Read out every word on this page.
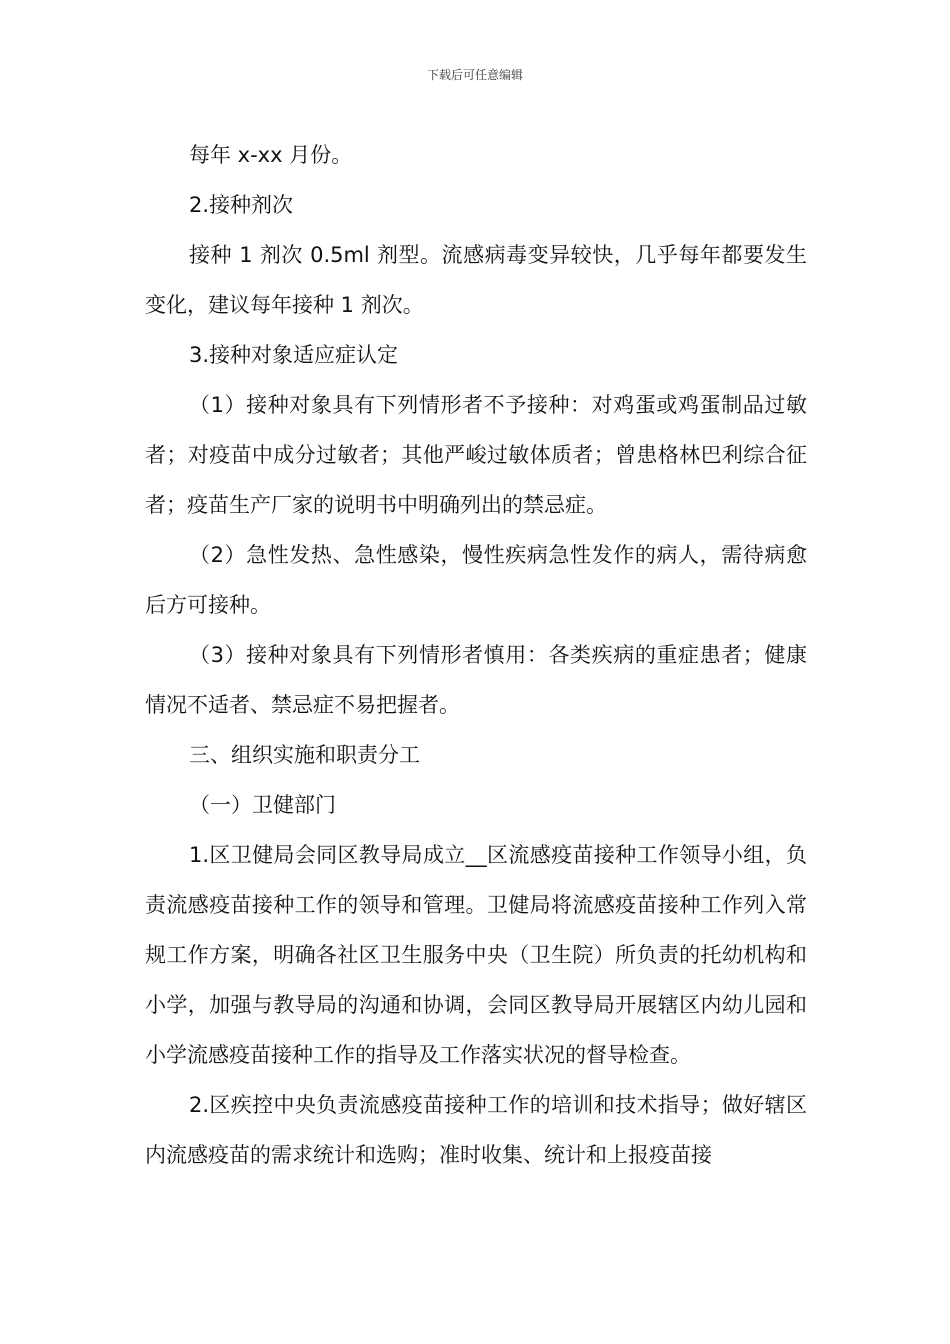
下载后可任意编辑

每年 x-xx 月份。

2.接种剂次

接种 1 剂次 0.5ml 剂型。流感病毒变异较快，几乎每年都要发生变化，建议每年接种 1 剂次。

3.接种对象适应症认定

（1）接种对象具有下列情形者不予接种：对鸡蛋或鸡蛋制品过敏者；对疫苗中成分过敏者；其他严峻过敏体质者；曾患格林巴利综合征者；疫苗生产厂家的说明书中明确列出的禁忌症。

（2）急性发热、急性感染，慢性疾病急性发作的病人，需待病愈后方可接种。

（3）接种对象具有下列情形者慎用：各类疾病的重症患者；健康情况不适者、禁忌症不易把握者。

三、组织实施和职责分工

（一）卫健部门

1.区卫健局会同区教导局成立__区流感疫苗接种工作领导小组，负责流感疫苗接种工作的领导和管理。卫健局将流感疫苗接种工作列入常规工作方案，明确各社区卫生服务中央（卫生院）所负责的托幼机构和小学，加强与教导局的沟通和协调，会同区教导局开展辖区内幼儿园和小学流感疫苗接种工作的指导及工作落实状况的督导检查。

2.区疾控中央负责流感疫苗接种工作的培训和技术指导；做好辖区内流感疫苗的需求统计和选购；准时收集、统计和上报疫苗接
